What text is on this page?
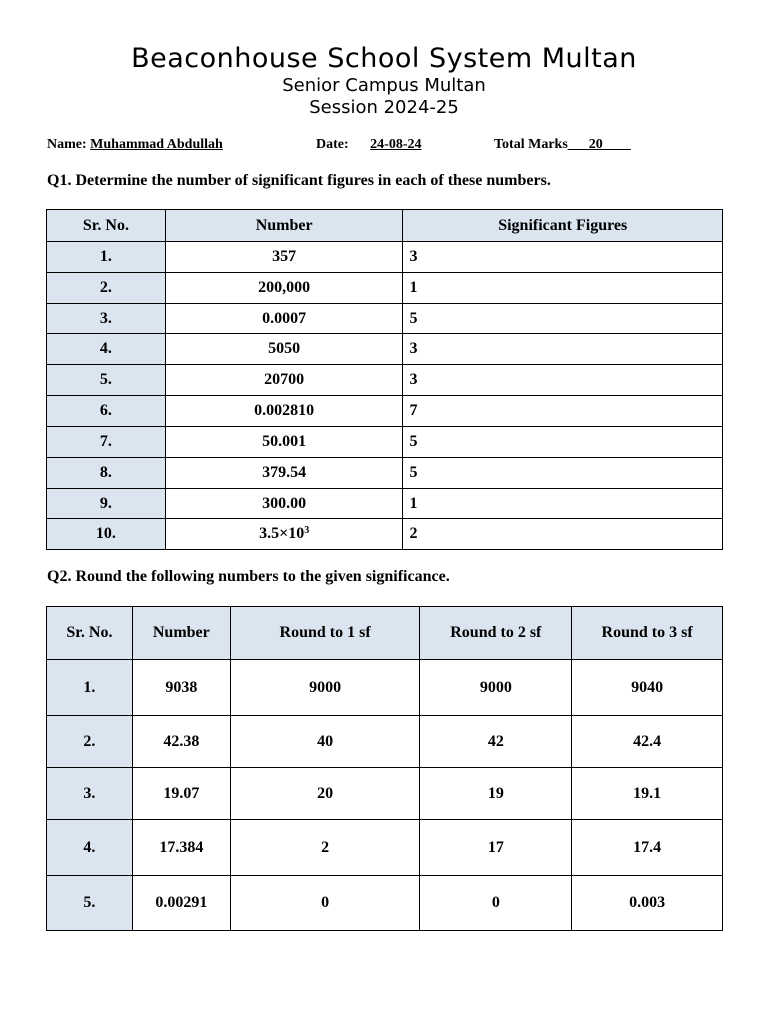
Beaconhouse School System Multan
Senior Campus Multan
Session 2024-25
Name: Muhammad Abdullah	Date: 24-08-24	Total Marks___20____
Q1. Determine the number of significant figures in each of these numbers.
Sr. No.	Number	Significant Figures
1.	357	3
2.	200,000	1
3.	0.0007	5
4.	5050	3
5.	20700	3
6.	0.002810	7
7.	50.001	5
8.	379.54	5
9.	300.00	1
10.	$3.5\times 10^3$	2
Q2. Round the following numbers to the given significance.
Sr. No.	Number	Round to 1 sf	Round to 2 sf	Round to 3 sf
1.	9038	9000	9000	9040
2.	42.38	40	42	42.4
3.	19.07	20	19	19.1
4.	17.384	2	17	17.4
5.	0.00291	0	0	0.003
